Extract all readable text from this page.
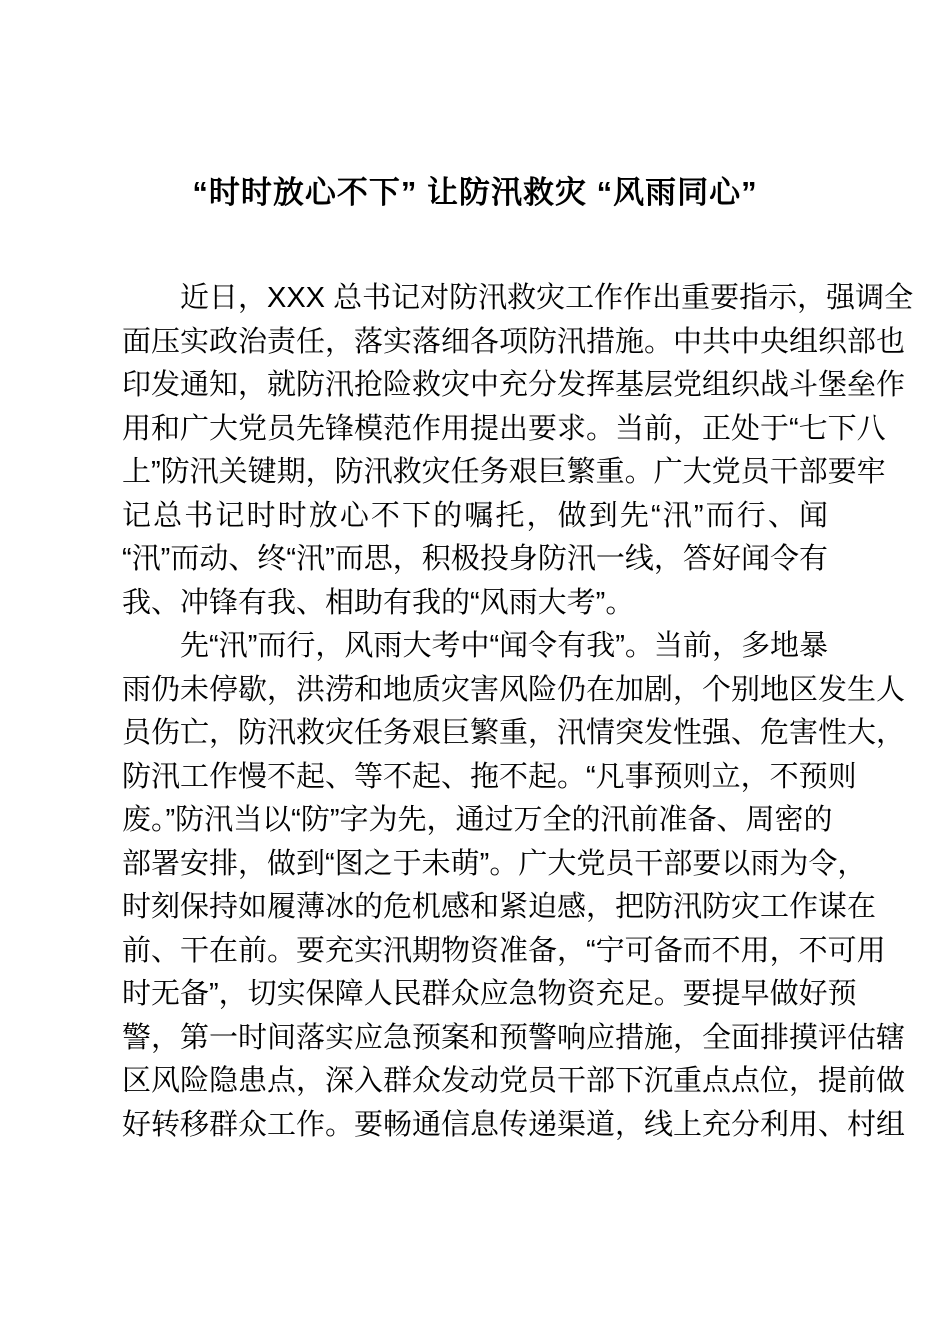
“时时放心不下” 让防汛救灾 “风雨同心”
近日，XXX 总书记对防汛救灾工作作出重要指示，强调全
面压实政治责任，落实落细各项防汛措施。中共中央组织部也
印发通知，就防汛抢险救灾中充分发挥基层党组织战斗堡垒作
用和广大党员先锋模范作用提出要求。当前，正处于“七下八
上”防汛关键期，防汛救灾任务艰巨繁重。广大党员干部要牢
记总书记时时放心不下的嘱托，做到先“汛”而行、闻
“汛”而动、终“汛”而思，积极投身防汛一线，答好闻令有
我、冲锋有我、相助有我的“风雨大考”。
先“汛”而行，风雨大考中“闻令有我”。当前，多地暴
雨仍未停歇，洪涝和地质灾害风险仍在加剧，个别地区发生人
员伤亡，防汛救灾任务艰巨繁重，汛情突发性强、危害性大，
防汛工作慢不起、等不起、拖不起。“凡事预则立，不预则
废。”防汛当以“防”字为先，通过万全的汛前准备、周密的
部署安排，做到“图之于未萌”。广大党员干部要以雨为令，
时刻保持如履薄冰的危机感和紧迫感，把防汛防灾工作谋在
前、干在前。要充实汛期物资准备，“宁可备而不用，不可用
时无备”，切实保障人民群众应急物资充足。要提早做好预
警，第一时间落实应急预案和预警响应措施，全面排摸评估辖
区风险隐患点，深入群众发动党员干部下沉重点点位，提前做
好转移群众工作。要畅通信息传递渠道，线上充分利用、村组
